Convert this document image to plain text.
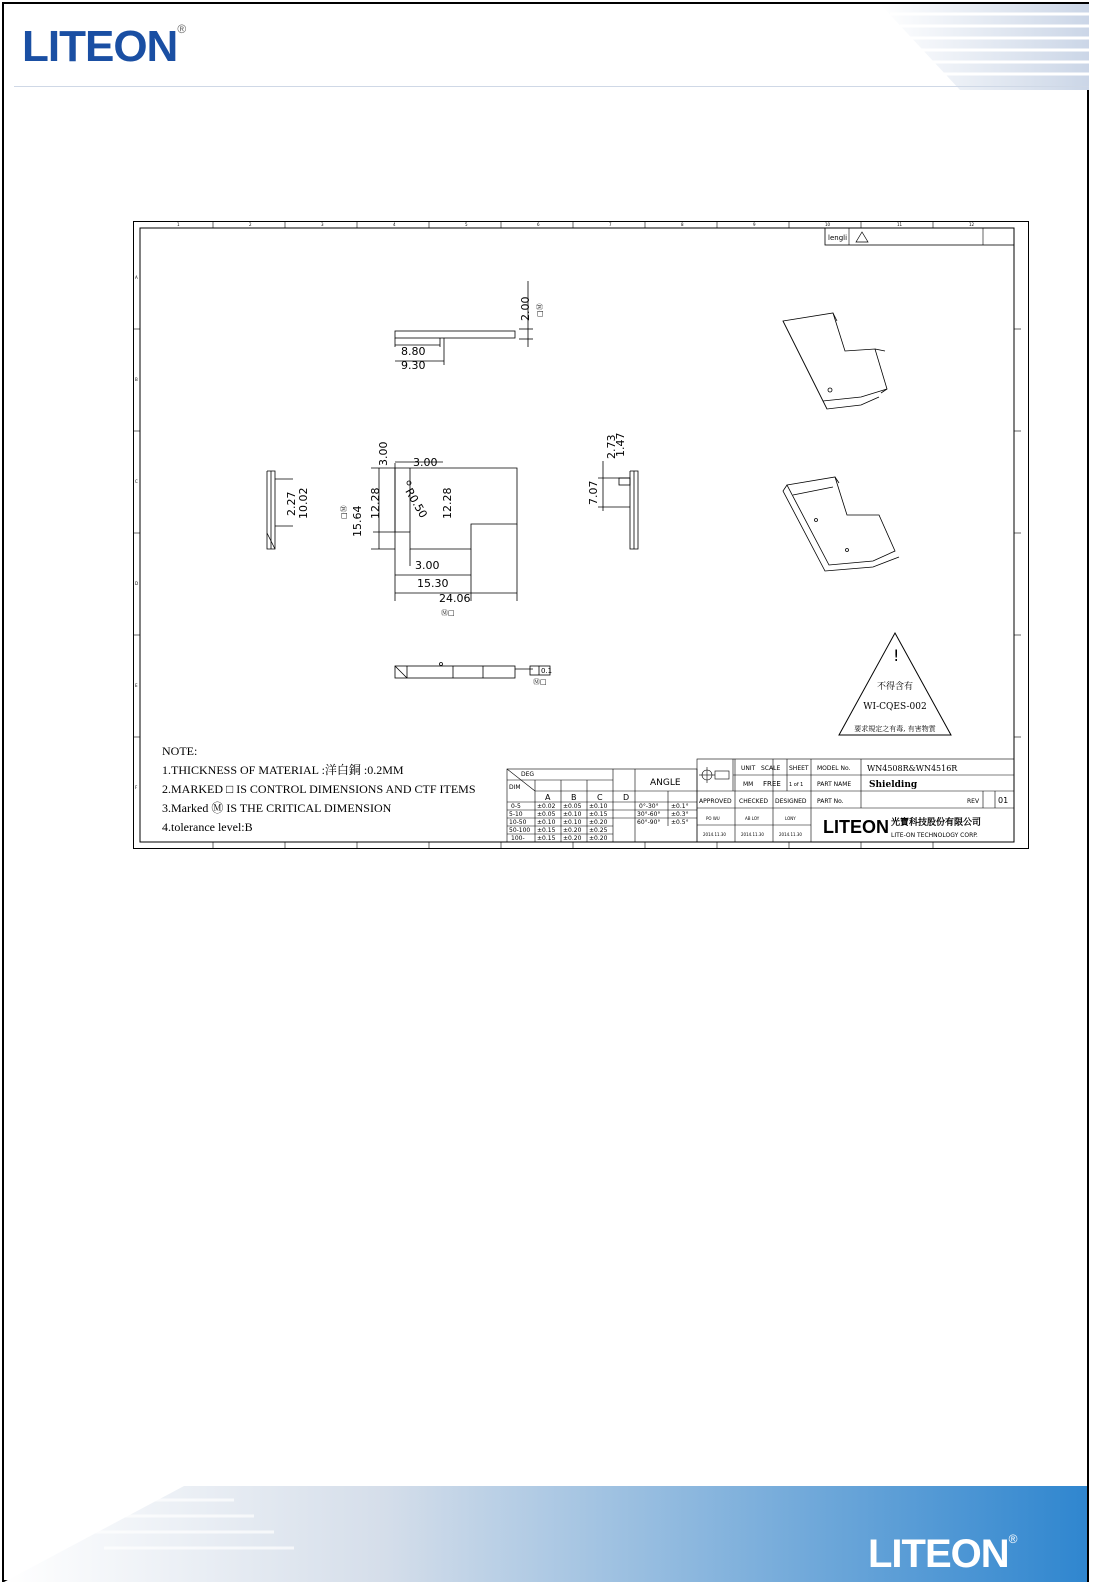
LITEON®
1	2	3	4	5	6	7	8	9	10	11	12
A
B
C
D
E
F
lengli
8.80
9.30
2.00 □Ⓜ
3.00
3.00
12.28 R0.50 12.28
15.64
□Ⓜ
3.00
15.30
24.06
Ⓜ□
2.27 10.02
2.73
1.47
7.07
0.1
Ⓜ□
!
不得含有
WI-CQES-002
要求規定之有毒, 有害物質
DEG
DIM
A	B	C	D
ANGLE
0-5	±0.02 ±0.05 ±0.10
5-10 ±0.05 ±0.10 ±0.15
10-50 ±0.10 ±0.10 ±0.20
50-100 ±0.15 ±0.20 ±0.25
100- ±0.15 ±0.20 ±0.20
0°-30° ±0.1°
30°-60° ±0.3°
60°-90° ±0.5°
UNIT SCALE SHEET
MM FREE 1 of 1
APPROVED CHECKED DESIGNED
PO WU	AB LOY	LONY
2014.11.30	2014.11.30	2014.11.30
MODEL No. WN4508R&WN4516R
PART NAME Shielding
PART No.	REV 01
LITEON 光寶科技股份有限公司
LITE-ON TECHNOLOGY CORP.
NOTE:
1.THICKNESS OF MATERIAL :洋白銅 :0.2MM
2.MARKED □ IS CONTROL DIMENSIONS AND CTF ITEMS
3.Marked Ⓜ IS THE CRITICAL DIMENSION
4.tolerance level:B
LITEON®
